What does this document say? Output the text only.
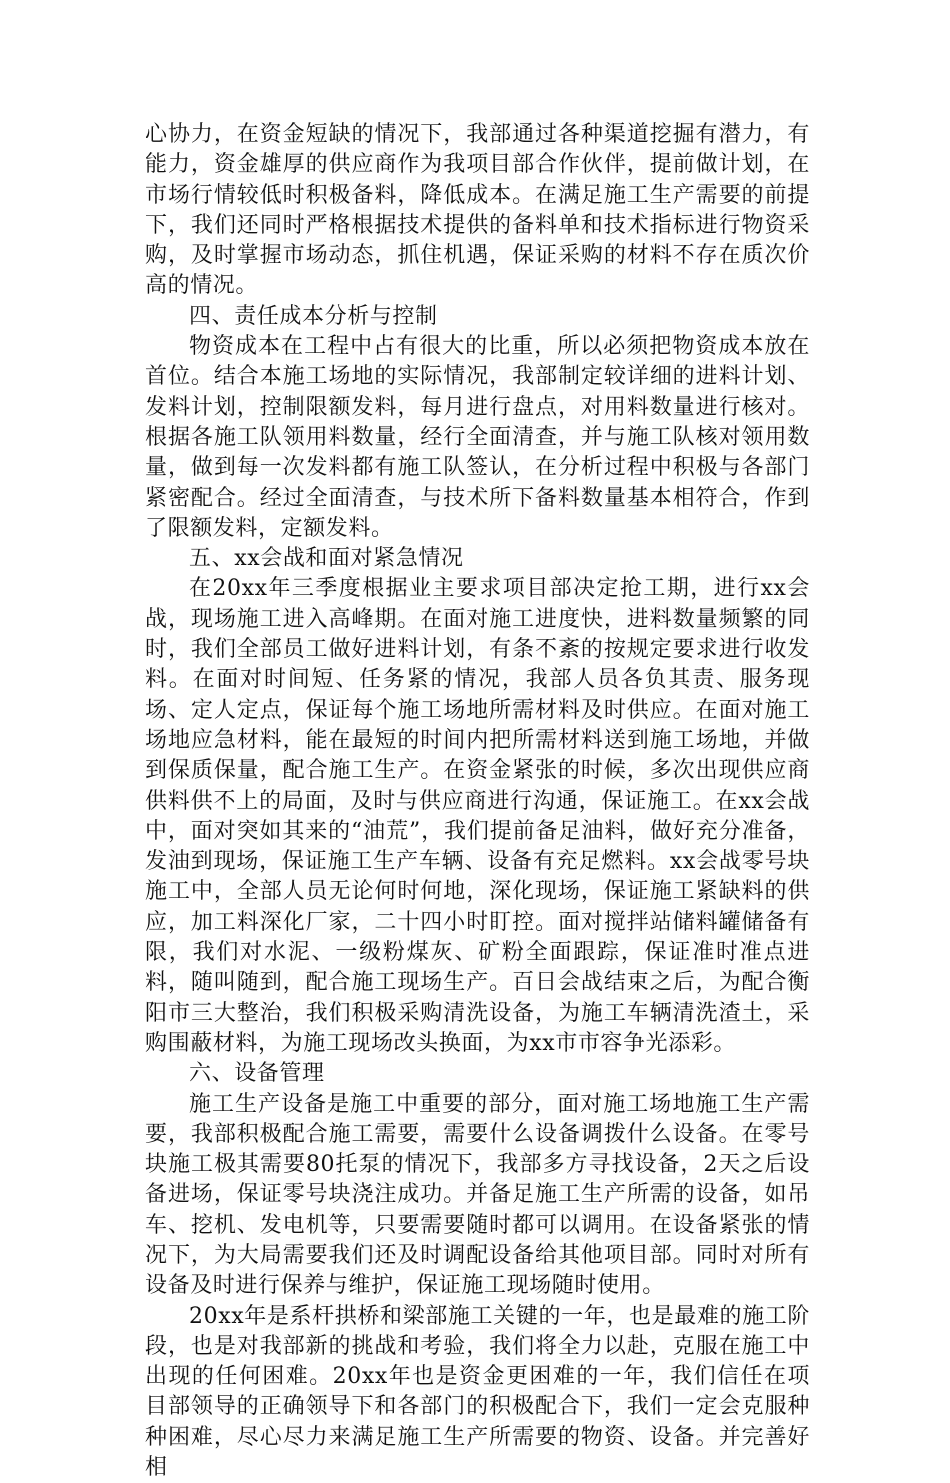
心协力，在资金短缺的情况下，我部通过各种渠道挖掘有潜力，有能力，资金雄厚的供应商作为我项目部合作伙伴，提前做计划，在市场行情较低时积极备料，降低成本。在满足施工生产需要的前提下，我们还同时严格根据技术提供的备料单和技术指标进行物资采购，及时掌握市场动态，抓住机遇，保证采购的材料不存在质次价高的情况。

四、责任成本分析与控制

物资成本在工程中占有很大的比重，所以必须把物资成本放在首位。结合本施工场地的实际情况，我部制定较详细的进料计划、发料计划，控制限额发料，每月进行盘点，对用料数量进行核对。根据各施工队领用料数量，经行全面清查，并与施工队核对领用数量，做到每一次发料都有施工队签认，在分析过程中积极与各部门紧密配合。经过全面清查，与技术所下备料数量基本相符合，作到了限额发料，定额发料。

五、xx会战和面对紧急情况

在20xx年三季度根据业主要求项目部决定抢工期，进行xx会战，现场施工进入高峰期。在面对施工进度快，进料数量频繁的同时，我们全部员工做好进料计划，有条不紊的按规定要求进行收发料。在面对时间短、任务紧的情况，我部人员各负其责、服务现场、定人定点，保证每个施工场地所需材料及时供应。在面对施工场地应急材料，能在最短的时间内把所需材料送到施工场地，并做到保质保量，配合施工生产。在资金紧张的时候，多次出现供应商供料供不上的局面，及时与供应商进行沟通，保证施工。在xx会战中，面对突如其来的“油荒”，我们提前备足油料，做好充分准备，发油到现场，保证施工生产车辆、设备有充足燃料。xx会战零号块施工中，全部人员无论何时何地，深化现场，保证施工紧缺料的供应，加工料深化厂家，二十四小时盯控。面对搅拌站储料罐储备有限，我们对水泥、一级粉煤灰、矿粉全面跟踪，保证准时准点进料，随叫随到，配合施工现场生产。百日会战结束之后，为配合衡阳市三大整治，我们积极采购清洗设备，为施工车辆清洗渣土，采购围蔽材料，为施工现场改头换面，为xx市市容争光添彩。

六、设备管理

施工生产设备是施工中重要的部分，面对施工场地施工生产需要，我部积极配合施工需要，需要什么设备调拨什么设备。在零号块施工极其需要80托泵的情况下，我部多方寻找设备，2天之后设备进场，保证零号块浇注成功。并备足施工生产所需的设备，如吊车、挖机、发电机等，只要需要随时都可以调用。在设备紧张的情况下，为大局需要我们还及时调配设备给其他项目部。同时对所有设备及时进行保养与维护，保证施工现场随时使用。

20xx年是系杆拱桥和梁部施工关键的一年，也是最难的施工阶段，也是对我部新的挑战和考验，我们将全力以赴，克服在施工中出现的任何困难。20xx年也是资金更困难的一年，我们信任在项目部领导的正确领导下和各部门的积极配合下，我们一定会克服种种困难，尽心尽力来满足施工生产所需要的物资、设备。并完善好相
